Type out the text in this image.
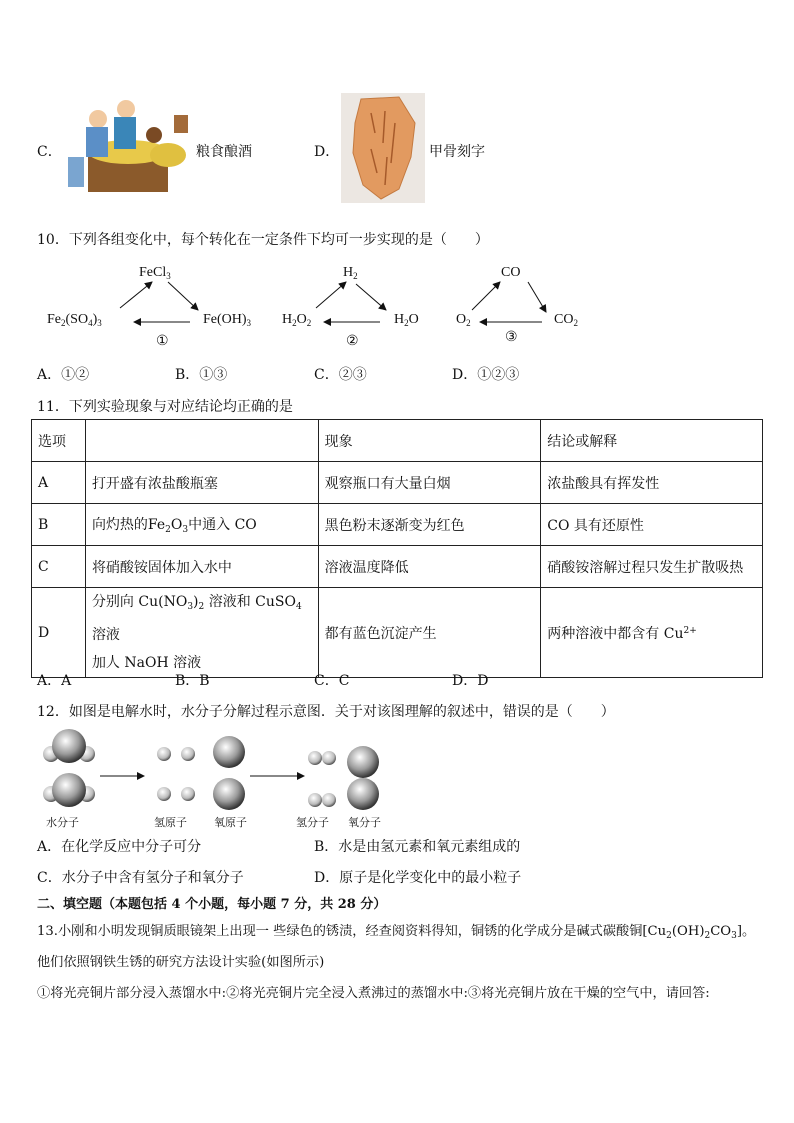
C．	粮食酿酒	D．	甲骨刻字
10．下列各组变化中，每个转化在一定条件下均可一步实现的是（　　）
FeCl$_3$
$Fe_2(SO_4)_3$	$Fe(OH)_3$
①
$H_2$
$H_2O_2$	$H_2O$
②
CO
$O_2$	$CO_2$
③
A．①②	B．①③	C．②③	D．①②③
11．下列实验现象与对应结论均正确的是
选项		现象	结论或解释
A	打开盛有浓盐酸瓶塞	观察瓶口有大量白烟	浓盐酸具有挥发性
B	向灼热的$Fe_2O_3$中通入 CO	黑色粉末逐渐变为红色	CO 具有还原性
C	将硝酸铵固体加入水中	溶液温度降低	硝酸铵溶解过程只发生扩散吸热
D	分别向 $Cu(NO_3)_2$ 溶液和 CuSO$_4$ 溶液
加人 NaOH 溶液	都有蓝色沉淀产生	两种溶液中都含有 $Cu^{2+}$
A．A	B．B	C．C	D．D
12．如图是电解水时，水分子分解过程示意图．关于对该图理解的叙述中，错误的是（　　）
水分子	氢原子 氧原子	氢分子 氧分子
A．在化学反应中分子可分	B．水是由氢元素和氧元素组成的
C．水分子中含有氢分子和氧分子	D．原子是化学变化中的最小粒子
二、填空题（本题包括 4 个小题，每小题 7 分，共 28 分）
13.小刚和小明发现铜质眼镜架上出现一 些绿色的锈渍，经查阅资料得知，铜锈的化学成分是碱式碳酸铜$[Cu_2(OH)_2CO_3]$。
他们依照钢铁生锈的研究方法设计实验(如图所示)
①将光亮铜片部分浸入蒸馏水中:②将光亮铜片完全浸入煮沸过的蒸馏水中:③将光亮铜片放在干燥的空气中，请回答:
